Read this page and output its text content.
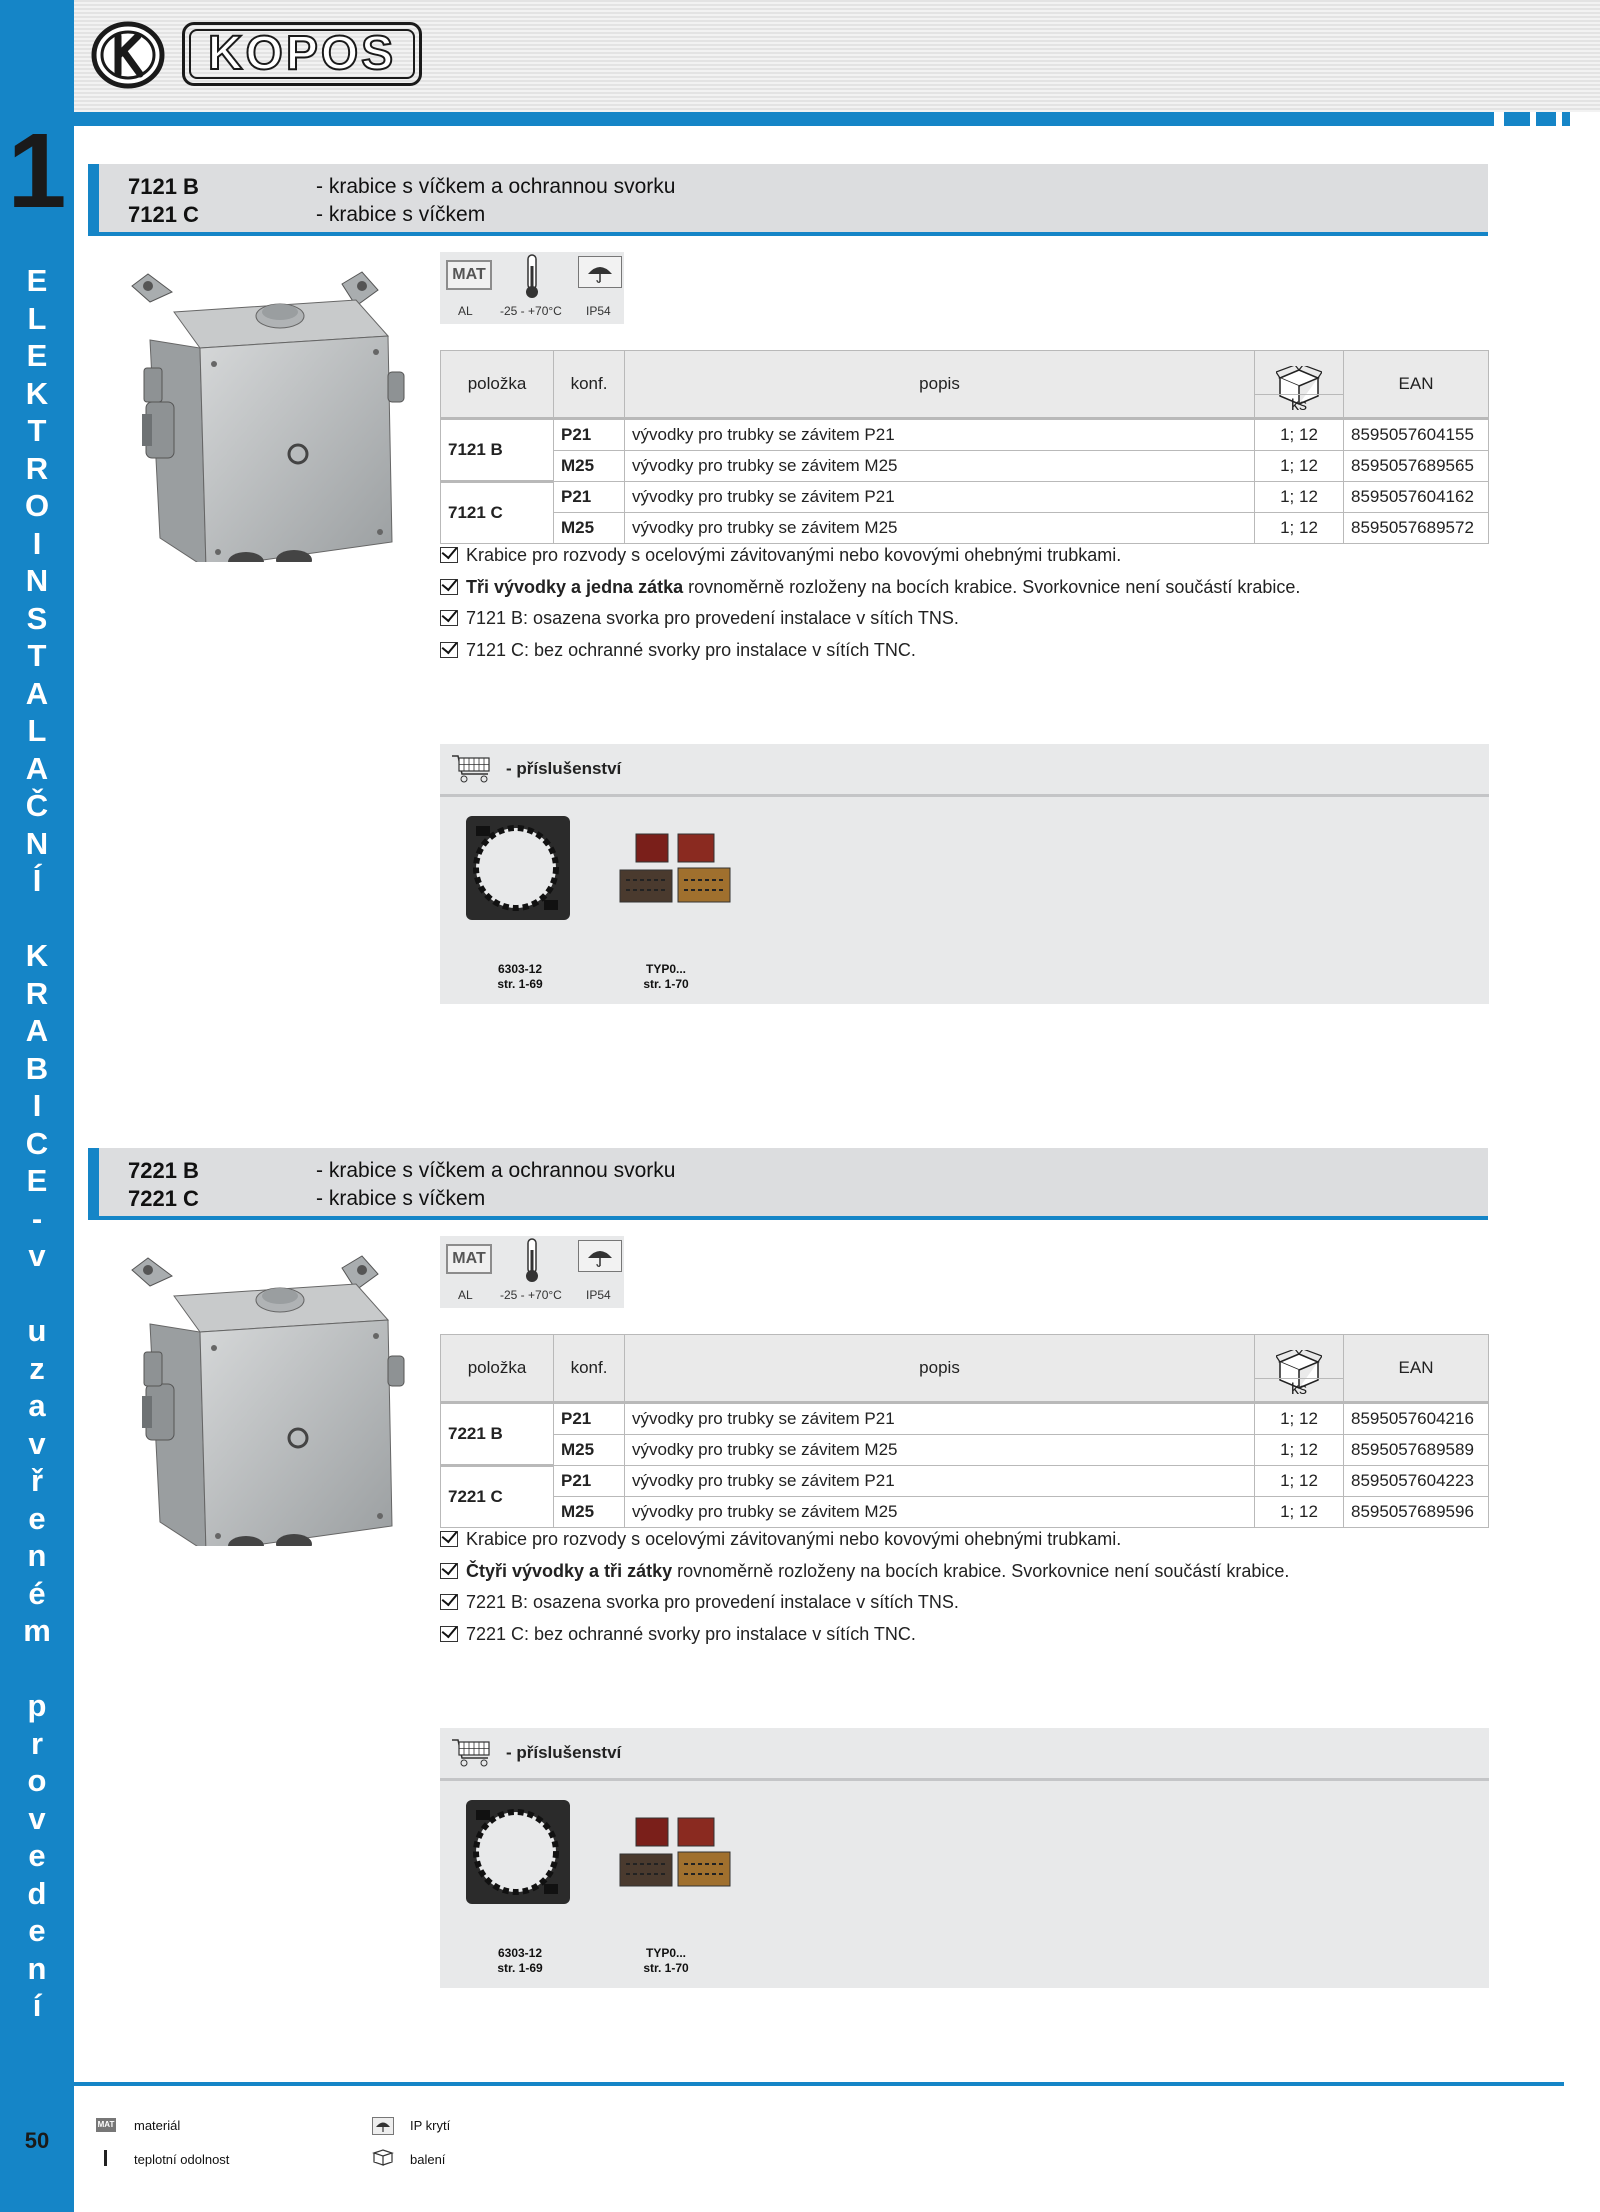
1
E
L
E
K
T
R
O
I
N
S
T
A
L
A
Č
N
Í
K
R
A
B
I
C
E
-
v
u
z
a
v
ř
e
n
é
m
p
r
o
v
e
d
e
n
í
50
KOPOS
7121 B	- krabice s víčkem a ochrannou svorku
7121 C	- krabice s víčkem
MAT
AL -25 - +70°C IP54
položka	konf.	popis	ks	EAN
7121 B	P21	vývodky pro trubky se závitem P21	1; 12	8595057604155
	M25	vývodky pro trubky se závitem M25	1; 12	8595057689565
7121 C	P21	vývodky pro trubky se závitem P21	1; 12	8595057604162
	M25	vývodky pro trubky se závitem M25	1; 12	8595057689572
Krabice pro rozvody s ocelovými závitovanými nebo kovovými ohebnými trubkami.
Tři vývodky a jedna zátka rovnoměrně rozloženy na bocích krabice. Svorkovnice není součástí krabice.
7121 B: osazena svorka pro provedení instalace v sítích TNS.
7121 C: bez ochranné svorky pro instalace v sítích TNC.
- příslušenství
6303-12
str. 1-69
TYP0...
str. 1-70
7221 B	- krabice s víčkem a ochrannou svorku
7221 C	- krabice s víčkem
MAT
AL -25 - +70°C IP54
položka	konf.	popis	ks	EAN
7221 B	P21	vývodky pro trubky se závitem P21	1; 12	8595057604216
	M25	vývodky pro trubky se závitem M25	1; 12	8595057689589
7221 C	P21	vývodky pro trubky se závitem P21	1; 12	8595057604223
	M25	vývodky pro trubky se závitem M25	1; 12	8595057689596
Krabice pro rozvody s ocelovými závitovanými nebo kovovými ohebnými trubkami.
Čtyři vývodky a tři zátky rovnoměrně rozloženy na bocích krabice. Svorkovnice není součástí krabice.
7221 B: osazena svorka pro provedení instalace v sítích TNS.
7221 C: bez ochranné svorky pro instalace v sítích TNC.
- příslušenství
6303-12
str. 1-69
TYP0...
str. 1-70
MAT materiál
teplotní odolnost
IP krytí
balení
